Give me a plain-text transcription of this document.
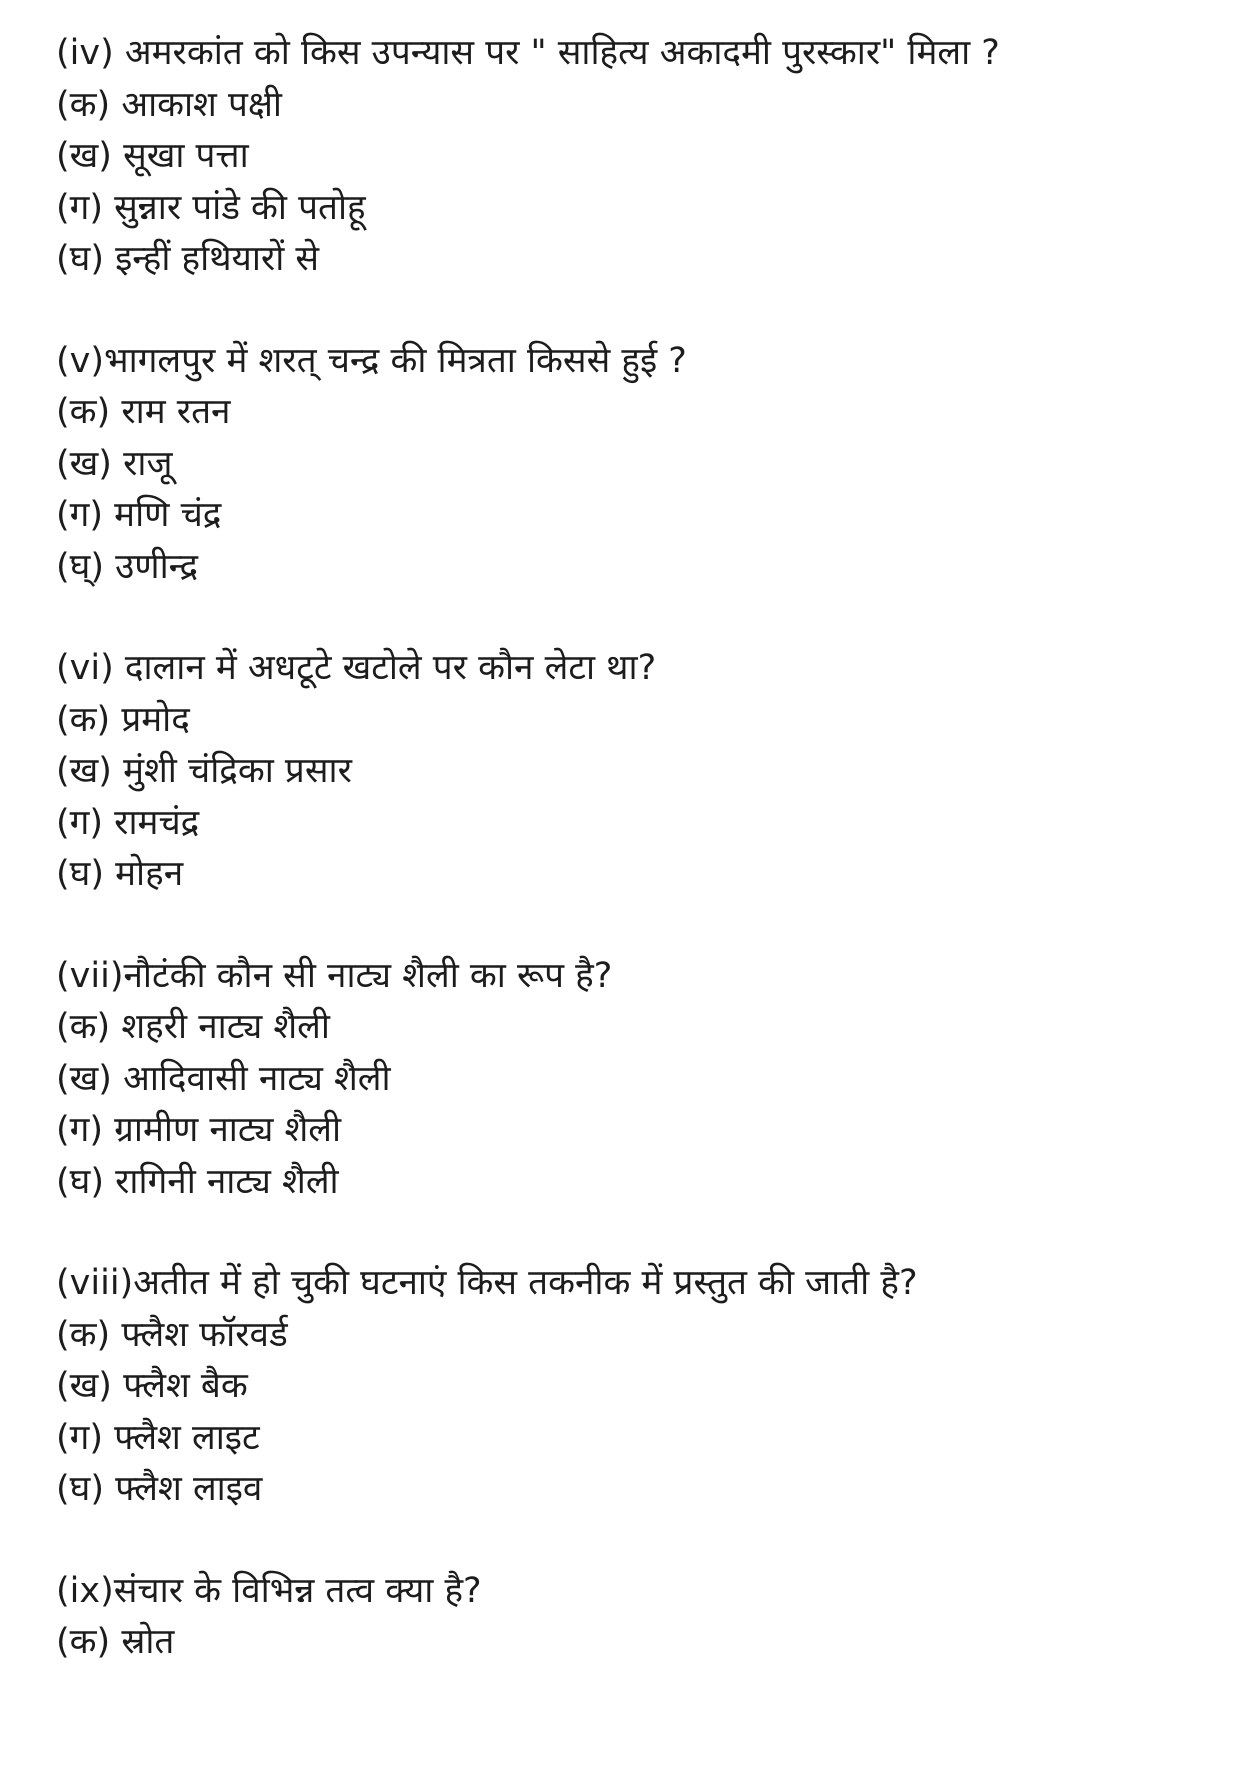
(iv) अमरकांत को किस उपन्यास पर " साहित्य अकादमी पुरस्कार" मिला ?
(क) आकाश पक्षी
(ख) सूखा पत्ता
(ग) सुन्नार पांडे की पतोहू
(घ) इन्हीं हथियारों से
(v)भागलपुर में शरत् चन्द्र की मित्रता किससे हुई ?
(क) राम रतन
(ख) राजू
(ग) मणि चंद्र
(घ्) उणीन्द्र
(vi) दालान में अधटूटे खटोले पर कौन लेटा था?
(क) प्रमोद
(ख) मुंशी चंद्रिका प्रसार
(ग) रामचंद्र
(घ) मोहन
(vii)नौटंकी कौन सी नाट्य शैली का रूप है?
(क) शहरी नाट्य शैली
(ख) आदिवासी नाट्य शैली
(ग) ग्रामीण नाट्य शैली
(घ) रागिनी नाट्य शैली
(viii)अतीत में हो चुकी घटनाएं किस तकनीक में प्रस्तुत की जाती है?
(क) फ्लैश फॉरवर्ड
(ख) फ्लैश बैक
(ग) फ्लैश लाइट
(घ) फ्लैश लाइव
(ix)संचार के विभिन्न तत्व क्या है?
(क) स्रोत
